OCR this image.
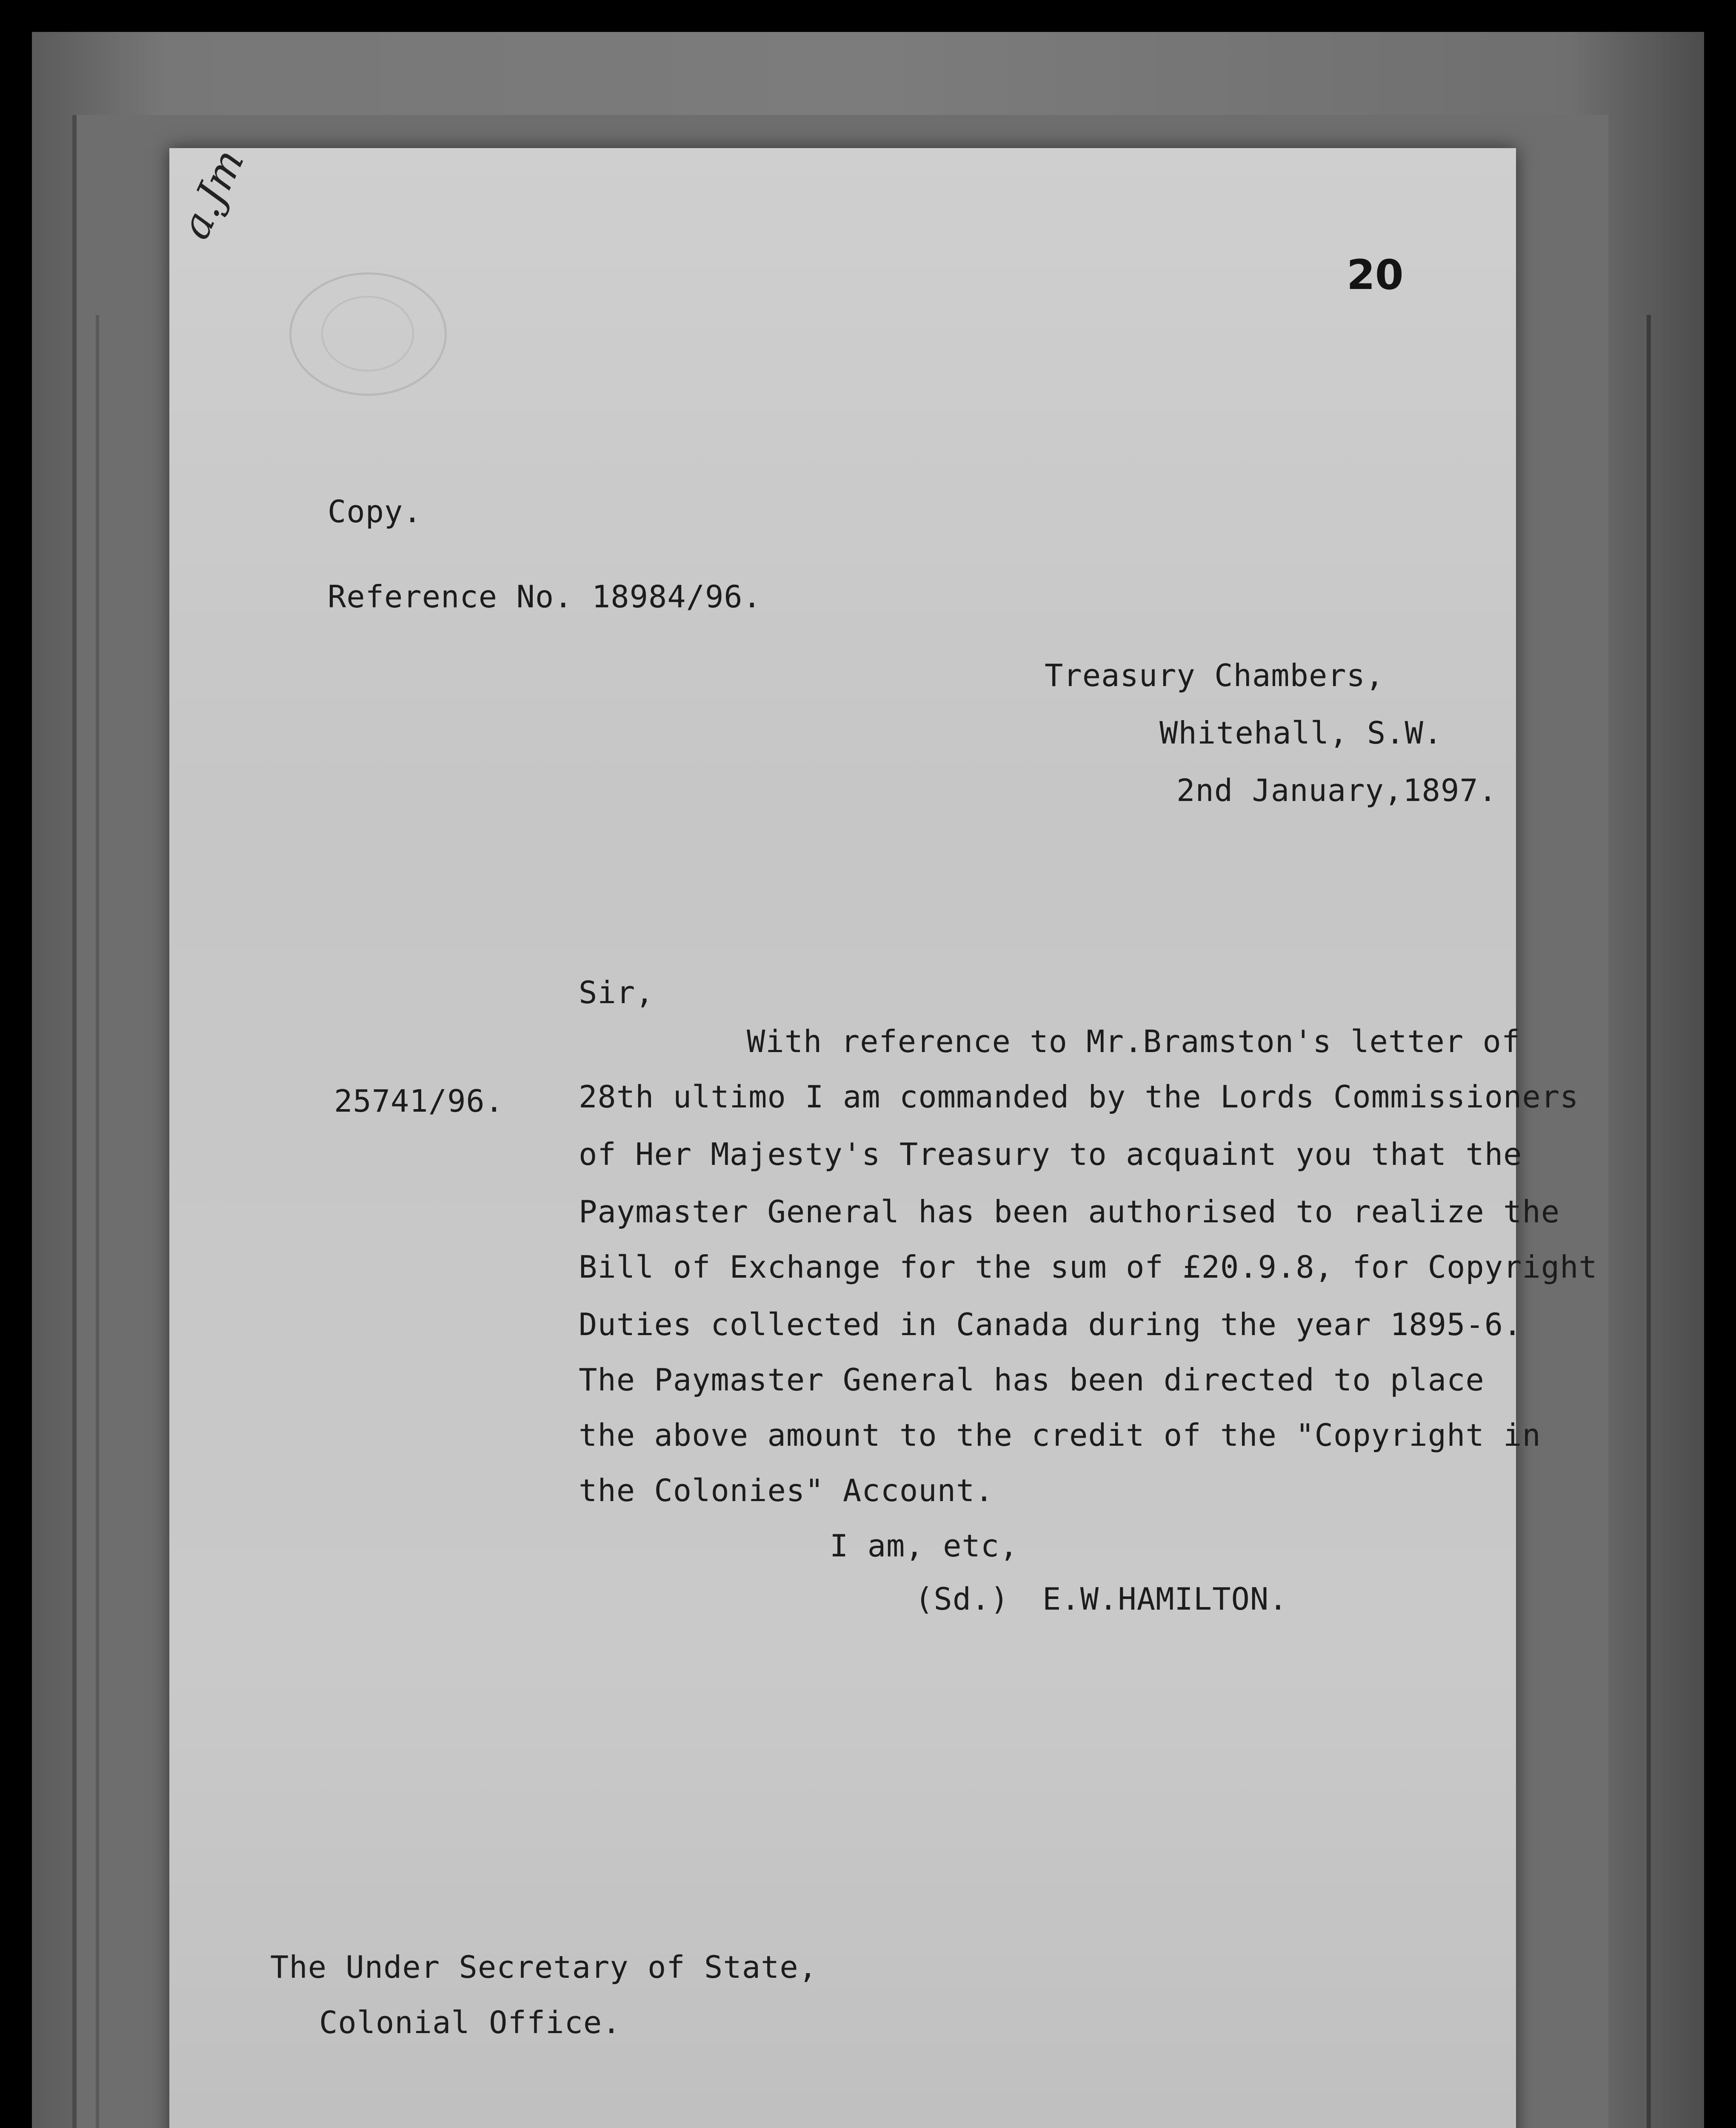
a.Jm
20
Copy.
Reference No. 18984/96.
Treasury Chambers,
Whitehall, S.W.
2nd January,1897.
Sir,
25741/96.
With reference to Mr.Bramston's letter of
28th ultimo I am commanded by the Lords Commissioners
of Her Majesty's Treasury to acquaint you that the
Paymaster General has been authorised to realize the
Bill of Exchange for the sum of £20.9.8, for Copyright
Duties collected in Canada during the year 1895-6.
The Paymaster General has been directed to place
the above amount to the credit of the "Copyright in
the Colonies" Account.
I am, etc,
(Sd.) E.W.HAMILTON.
The Under Secretary of State,
Colonial Office.
